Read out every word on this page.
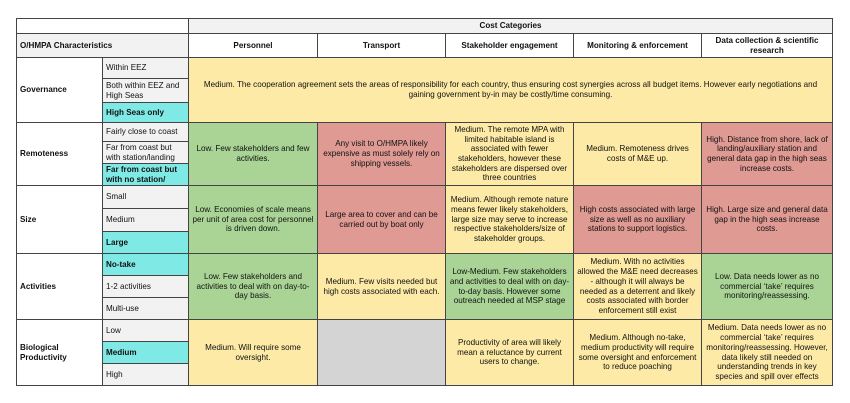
		Cost Categories				
O/HMPA Characteristics		Personnel	Transport	Stakeholder engagement	Monitoring & enforcement	Data collection & scientific research
Governance	Within EEZ	Medium. The cooperation agreement sets the areas of responsibility for each country, thus ensuring cost synergies across all budget items. However early negotiations and gaining government by-in may be costly/time consuming.				
	Both within EEZ and High Seas					
	High Seas only					
Remoteness	Fairly close to coast	Low. Few stakeholders and few activities.	Any visit to O/HMPA likely expensive as must solely rely on shipping vessels.	Medium. The remote MPA with limited habitable island is associated with fewer stakeholders, however these stakeholders are dispersed over three countries	Medium. Remoteness drives costs of M&E up.	High. Distance from shore, lack of landing/auxiliary station and general data gap in the high seas increase costs.
	Far from coast but with station/landing					
	Far from coast but with no station/					
Size	Small	Low. Economies of scale means per unit of area cost for personnel is driven down.	Large area to cover and can be carried out by boat only	Medium. Although remote nature means fewer likely stakeholders, large size may serve to increase respective stakeholders/size of stakeholder groups.	High costs associated with large size as well as no auxiliary stations to support logistics.	High. Large size and general data gap in the high seas increase costs.
	Medium					
	Large					
Activities	No-take	Low. Few stakeholders and activities to deal with on day-to-day basis.	Medium. Few visits needed but high costs associated with each.	Low-Medium. Few stakeholders and activities to deal with on day-to-day basis. However some outreach needed at MSP stage	Medium. With no activities allowed the M&E need decreases - although it will always be needed as a deterrent and likely costs associated with border enforcement still exist	Low. Data needs lower as no commercial ‘take’ requires monitoring/reassessing.
	1-2 activities					
	Multi-use					
Biological Productivity	Low	Medium. Will require some oversight.		Productivity of area will likely mean a reluctance by current users to change.	Medium. Although no-take, medium productivity will require some oversight and enforcement to reduce poaching	Medium. Data needs lower as no commercial ‘take’ requires monitoring/reassessing. However, data likely still needed on understanding trends in key species and spill over effects
	Medium					
	High					
